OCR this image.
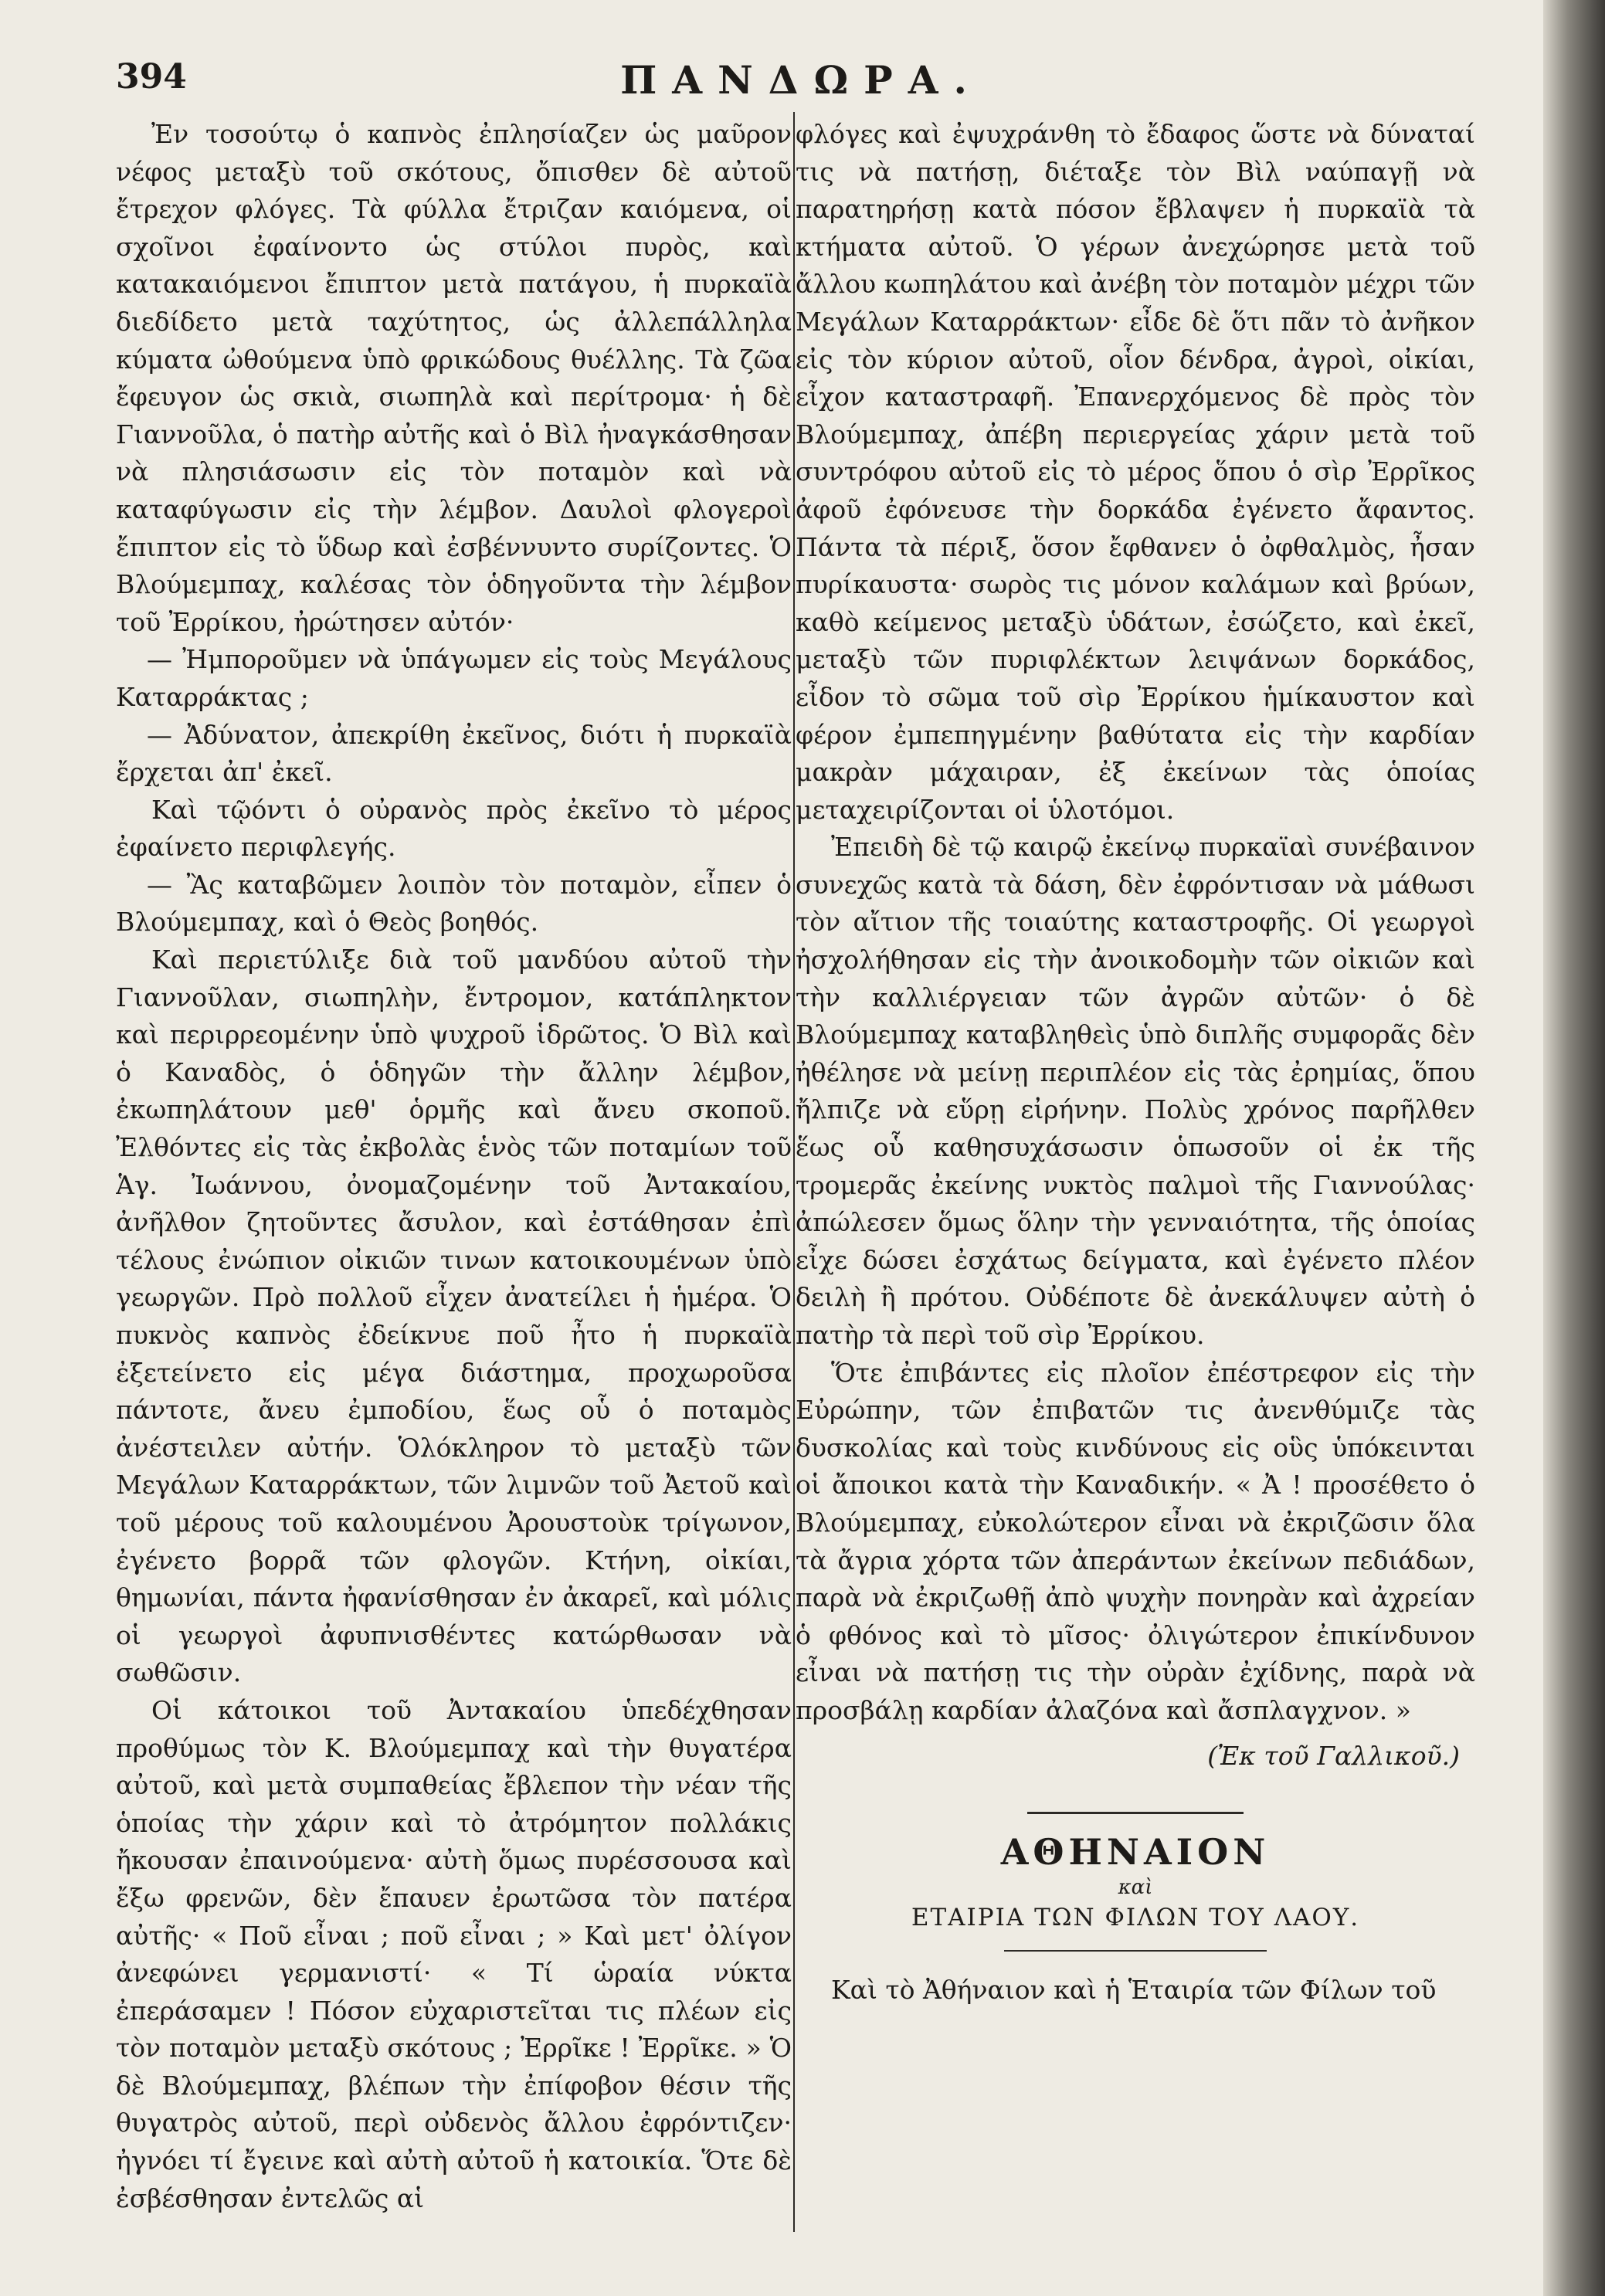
394	ΠΑΝΔΩΡΑ.

Ἐν τοσούτῳ ὁ καπνὸς ἐπλησίαζεν ὡς μαῦρον νέφος μεταξὺ τοῦ σκότους, ὄπισθεν δὲ αὐτοῦ ἔτρεχον φλόγες. Τὰ φύλλα ἔτριζαν καιόμενα, οἱ σχοῖνοι ἐφαίνοντο ὡς στύλοι πυρὸς, καὶ κατακαιόμενοι ἔπιπτον μετὰ πατάγου, ἡ πυρκαϊὰ διεδίδετο μετὰ ταχύτητος, ὡς ἀλλεπάλληλα κύματα ὠθούμενα ὑπὸ φρικώδους θυέλλης. Τὰ ζῶα ἔφευγον ὡς σκιὰ, σιωπηλὰ καὶ περίτρομα· ἡ δὲ Γιαννοῦλα, ὁ πατὴρ αὐτῆς καὶ ὁ Βὶλ ἠναγκάσθησαν νὰ πλησιάσωσιν εἰς τὸν ποταμὸν καὶ νὰ καταφύγωσιν εἰς τὴν λέμβον. Δαυλοὶ φλογεροὶ ἔπιπτον εἰς τὸ ὕδωρ καὶ ἐσβέννυντο συρίζοντες. Ὁ Βλούμεμπαχ, καλέσας τὸν ὁδηγοῦντα τὴν λέμβον τοῦ Ἐρρίκου, ἠρώτησεν αὐτόν·

— Ἠμποροῦμεν νὰ ὑπάγωμεν εἰς τοὺς Μεγάλους Καταρράκτας ;

— Ἀδύνατον, ἀπεκρίθη ἐκεῖνος, διότι ἡ πυρκαϊὰ ἔρχεται ἀπ' ἐκεῖ.

Καὶ τῷόντι ὁ οὐρανὸς πρὸς ἐκεῖνο τὸ μέρος ἐφαίνετο περιφλεγής.

— Ἂς καταβῶμεν λοιπὸν τὸν ποταμὸν, εἶπεν ὁ Βλούμεμπαχ, καὶ ὁ Θεὸς βοηθός.

Καὶ περιετύλιξε διὰ τοῦ μανδύου αὐτοῦ τὴν Γιαννοῦλαν, σιωπηλὴν, ἔντρομον, κατάπληκτον καὶ περιρρεομένην ὑπὸ ψυχροῦ ἱδρῶτος. Ὁ Βὶλ καὶ ὁ Καναδὸς, ὁ ὁδηγῶν τὴν ἄλλην λέμβον, ἐκωπηλάτουν μεθ' ὁρμῆς καὶ ἄνευ σκοποῦ. Ἐλθόντες εἰς τὰς ἐκβολὰς ἑνὸς τῶν ποταμίων τοῦ Ἁγ. Ἰωάννου, ὀνομαζομένην τοῦ Ἀντακαίου, ἀνῆλθον ζητοῦντες ἄσυλον, καὶ ἐστάθησαν ἐπὶ τέλους ἐνώπιον οἰκιῶν τινων κατοικουμένων ὑπὸ γεωργῶν. Πρὸ πολλοῦ εἶχεν ἀνατείλει ἡ ἡμέρα. Ὁ πυκνὸς καπνὸς ἐδείκνυε ποῦ ἦτο ἡ πυρκαϊὰ ἐξετείνετο εἰς μέγα διάστημα, προχωροῦσα πάντοτε, ἄνευ ἐμποδίου, ἕως οὗ ὁ ποταμὸς ἀνέστειλεν αὐτήν. Ὁλόκληρον τὸ μεταξὺ τῶν Μεγάλων Καταρράκτων, τῶν λιμνῶν τοῦ Ἀετοῦ καὶ τοῦ μέρους τοῦ καλουμένου Ἀρουστοὺκ τρίγωνον, ἐγένετο βορρᾶ τῶν φλογῶν. Κτήνη, οἰκίαι, θημωνίαι, πάντα ἠφανίσθησαν ἐν ἀκαρεῖ, καὶ μόλις οἱ γεωργοὶ ἀφυπνισθέντες κατώρθωσαν νὰ σωθῶσιν.

Οἱ κάτοικοι τοῦ Ἀντακαίου ὑπεδέχθησαν προθύμως τὸν Κ. Βλούμεμπαχ καὶ τὴν θυγατέρα αὐτοῦ, καὶ μετὰ συμπαθείας ἔβλεπον τὴν νέαν τῆς ὁποίας τὴν χάριν καὶ τὸ ἀτρόμητον πολλάκις ἤκουσαν ἐπαινούμενα· αὐτὴ ὅμως πυρέσσουσα καὶ ἔξω φρενῶν, δὲν ἔπαυεν ἐρωτῶσα τὸν πατέρα αὐτῆς· « Ποῦ εἶναι ; ποῦ εἶναι ; » Καὶ μετ' ὀλίγον ἀνεφώνει γερμανιστί· « Τί ὡραία νύκτα ἐπεράσαμεν ! Πόσον εὐχαριστεῖται τις πλέων εἰς τὸν ποταμὸν μεταξὺ σκότους ; Ἐρρῖκε ! Ἐρρῖκε. » Ὁ δὲ Βλούμεμπαχ, βλέπων τὴν ἐπίφοβον θέσιν τῆς θυγατρὸς αὐτοῦ, περὶ οὐδενὸς ἄλλου ἐφρόντιζεν· ἠγνόει τί ἔγεινε καὶ αὐτὴ αὐτοῦ ἡ κατοικία. Ὅτε δὲ ἐσβέσθησαν ἐντελῶς αἱ

φλόγες καὶ ἐψυχράνθη τὸ ἔδαφος ὥστε νὰ δύναταί τις νὰ πατήσῃ, διέταξε τὸν Βὶλ ναύπαγῇ νὰ παρατηρήσῃ κατὰ πόσον ἔβλαψεν ἡ πυρκαϊὰ τὰ κτήματα αὐτοῦ. Ὁ γέρων ἀνεχώρησε μετὰ τοῦ ἄλλου κωπηλάτου καὶ ἀνέβη τὸν ποταμὸν μέχρι τῶν Μεγάλων Καταρράκτων· εἶδε δὲ ὅτι πᾶν τὸ ἀνῆκον εἰς τὸν κύριον αὐτοῦ, οἷον δένδρα, ἀγροὶ, οἰκίαι, εἶχον καταστραφῆ. Ἐπανερχόμενος δὲ πρὸς τὸν Βλούμεμπαχ, ἀπέβη περιεργείας χάριν μετὰ τοῦ συντρόφου αὐτοῦ εἰς τὸ μέρος ὅπου ὁ σὶρ Ἐρρῖκος ἀφοῦ ἐφόνευσε τὴν δορκάδα ἐγένετο ἄφαντος. Πάντα τὰ πέριξ, ὅσον ἔφθανεν ὁ ὀφθαλμὸς, ἦσαν πυρίκαυστα· σωρὸς τις μόνον καλάμων καὶ βρύων, καθὸ κείμενος μεταξὺ ὑδάτων, ἐσώζετο, καὶ ἐκεῖ, μεταξὺ τῶν πυριφλέκτων λειψάνων δορκάδος, εἶδον τὸ σῶμα τοῦ σὶρ Ἐρρίκου ἡμίκαυστον καὶ φέρον ἐμπεπηγμένην βαθύτατα εἰς τὴν καρδίαν μακρὰν μάχαιραν, ἐξ ἐκείνων τὰς ὁποίας μεταχειρίζονται οἱ ὑλοτόμοι.

Ἐπειδὴ δὲ τῷ καιρῷ ἐκείνῳ πυρκαϊαὶ συνέβαινον συνεχῶς κατὰ τὰ δάση, δὲν ἐφρόντισαν νὰ μάθωσι τὸν αἴτιον τῆς τοιαύτης καταστροφῆς. Οἱ γεωργοὶ ἠσχολήθησαν εἰς τὴν ἀνοικοδομὴν τῶν οἰκιῶν καὶ τὴν καλλιέργειαν τῶν ἀγρῶν αὐτῶν· ὁ δὲ Βλούμεμπαχ καταβληθεὶς ὑπὸ διπλῆς συμφορᾶς δὲν ἠθέλησε νὰ μείνῃ περιπλέον εἰς τὰς ἐρημίας, ὅπου ἤλπιζε νὰ εὕρῃ εἰρήνην. Πολὺς χρόνος παρῆλθεν ἕως οὗ καθησυχάσωσιν ὁπωσοῦν οἱ ἐκ τῆς τρομερᾶς ἐκείνης νυκτὸς παλμοὶ τῆς Γιαννούλας· ἀπώλεσεν ὅμως ὅλην τὴν γενναιότητα, τῆς ὁποίας εἶχε δώσει ἐσχάτως δείγματα, καὶ ἐγένετο πλέον δειλὴ ἢ πρότου. Οὐδέποτε δὲ ἀνεκάλυψεν αὐτὴ ὁ πατὴρ τὰ περὶ τοῦ σὶρ Ἐρρίκου.

Ὅτε ἐπιβάντες εἰς πλοῖον ἐπέστρεφον εἰς τὴν Εὐρώπην, τῶν ἐπιβατῶν τις ἀνενθύμιζε τὰς δυσκολίας καὶ τοὺς κινδύνους εἰς οὓς ὑπόκεινται οἱ ἄποικοι κατὰ τὴν Καναδικήν. « Ἀ ! προσέθετο ὁ Βλούμεμπαχ, εὐκολώτερον εἶναι νὰ ἐκριζῶσιν ὅλα τὰ ἄγρια χόρτα τῶν ἀπεράντων ἐκείνων πεδιάδων, παρὰ νὰ ἐκριζωθῇ ἀπὸ ψυχὴν πονηρὰν καὶ ἀχρείαν ὁ φθόνος καὶ τὸ μῖσος· ὀλιγώτερον ἐπικίνδυνον εἶναι νὰ πατήσῃ τις τὴν οὐρὰν ἐχίδνης, παρὰ νὰ προσβάλῃ καρδίαν ἀλαζόνα καὶ ἄσπλαγχνον. »

(Ἐκ τοῦ Γαλλικοῦ.)

ΑΘΗΝΑΙΟΝ
καὶ
ΕΤΑΙΡΙΑ ΤΩΝ ΦΙΛΩΝ ΤΟΥ ΛΑΟΥ.

Καὶ τὸ Ἀθήναιον καὶ ἡ Ἑταιρία τῶν Φίλων τοῦ
